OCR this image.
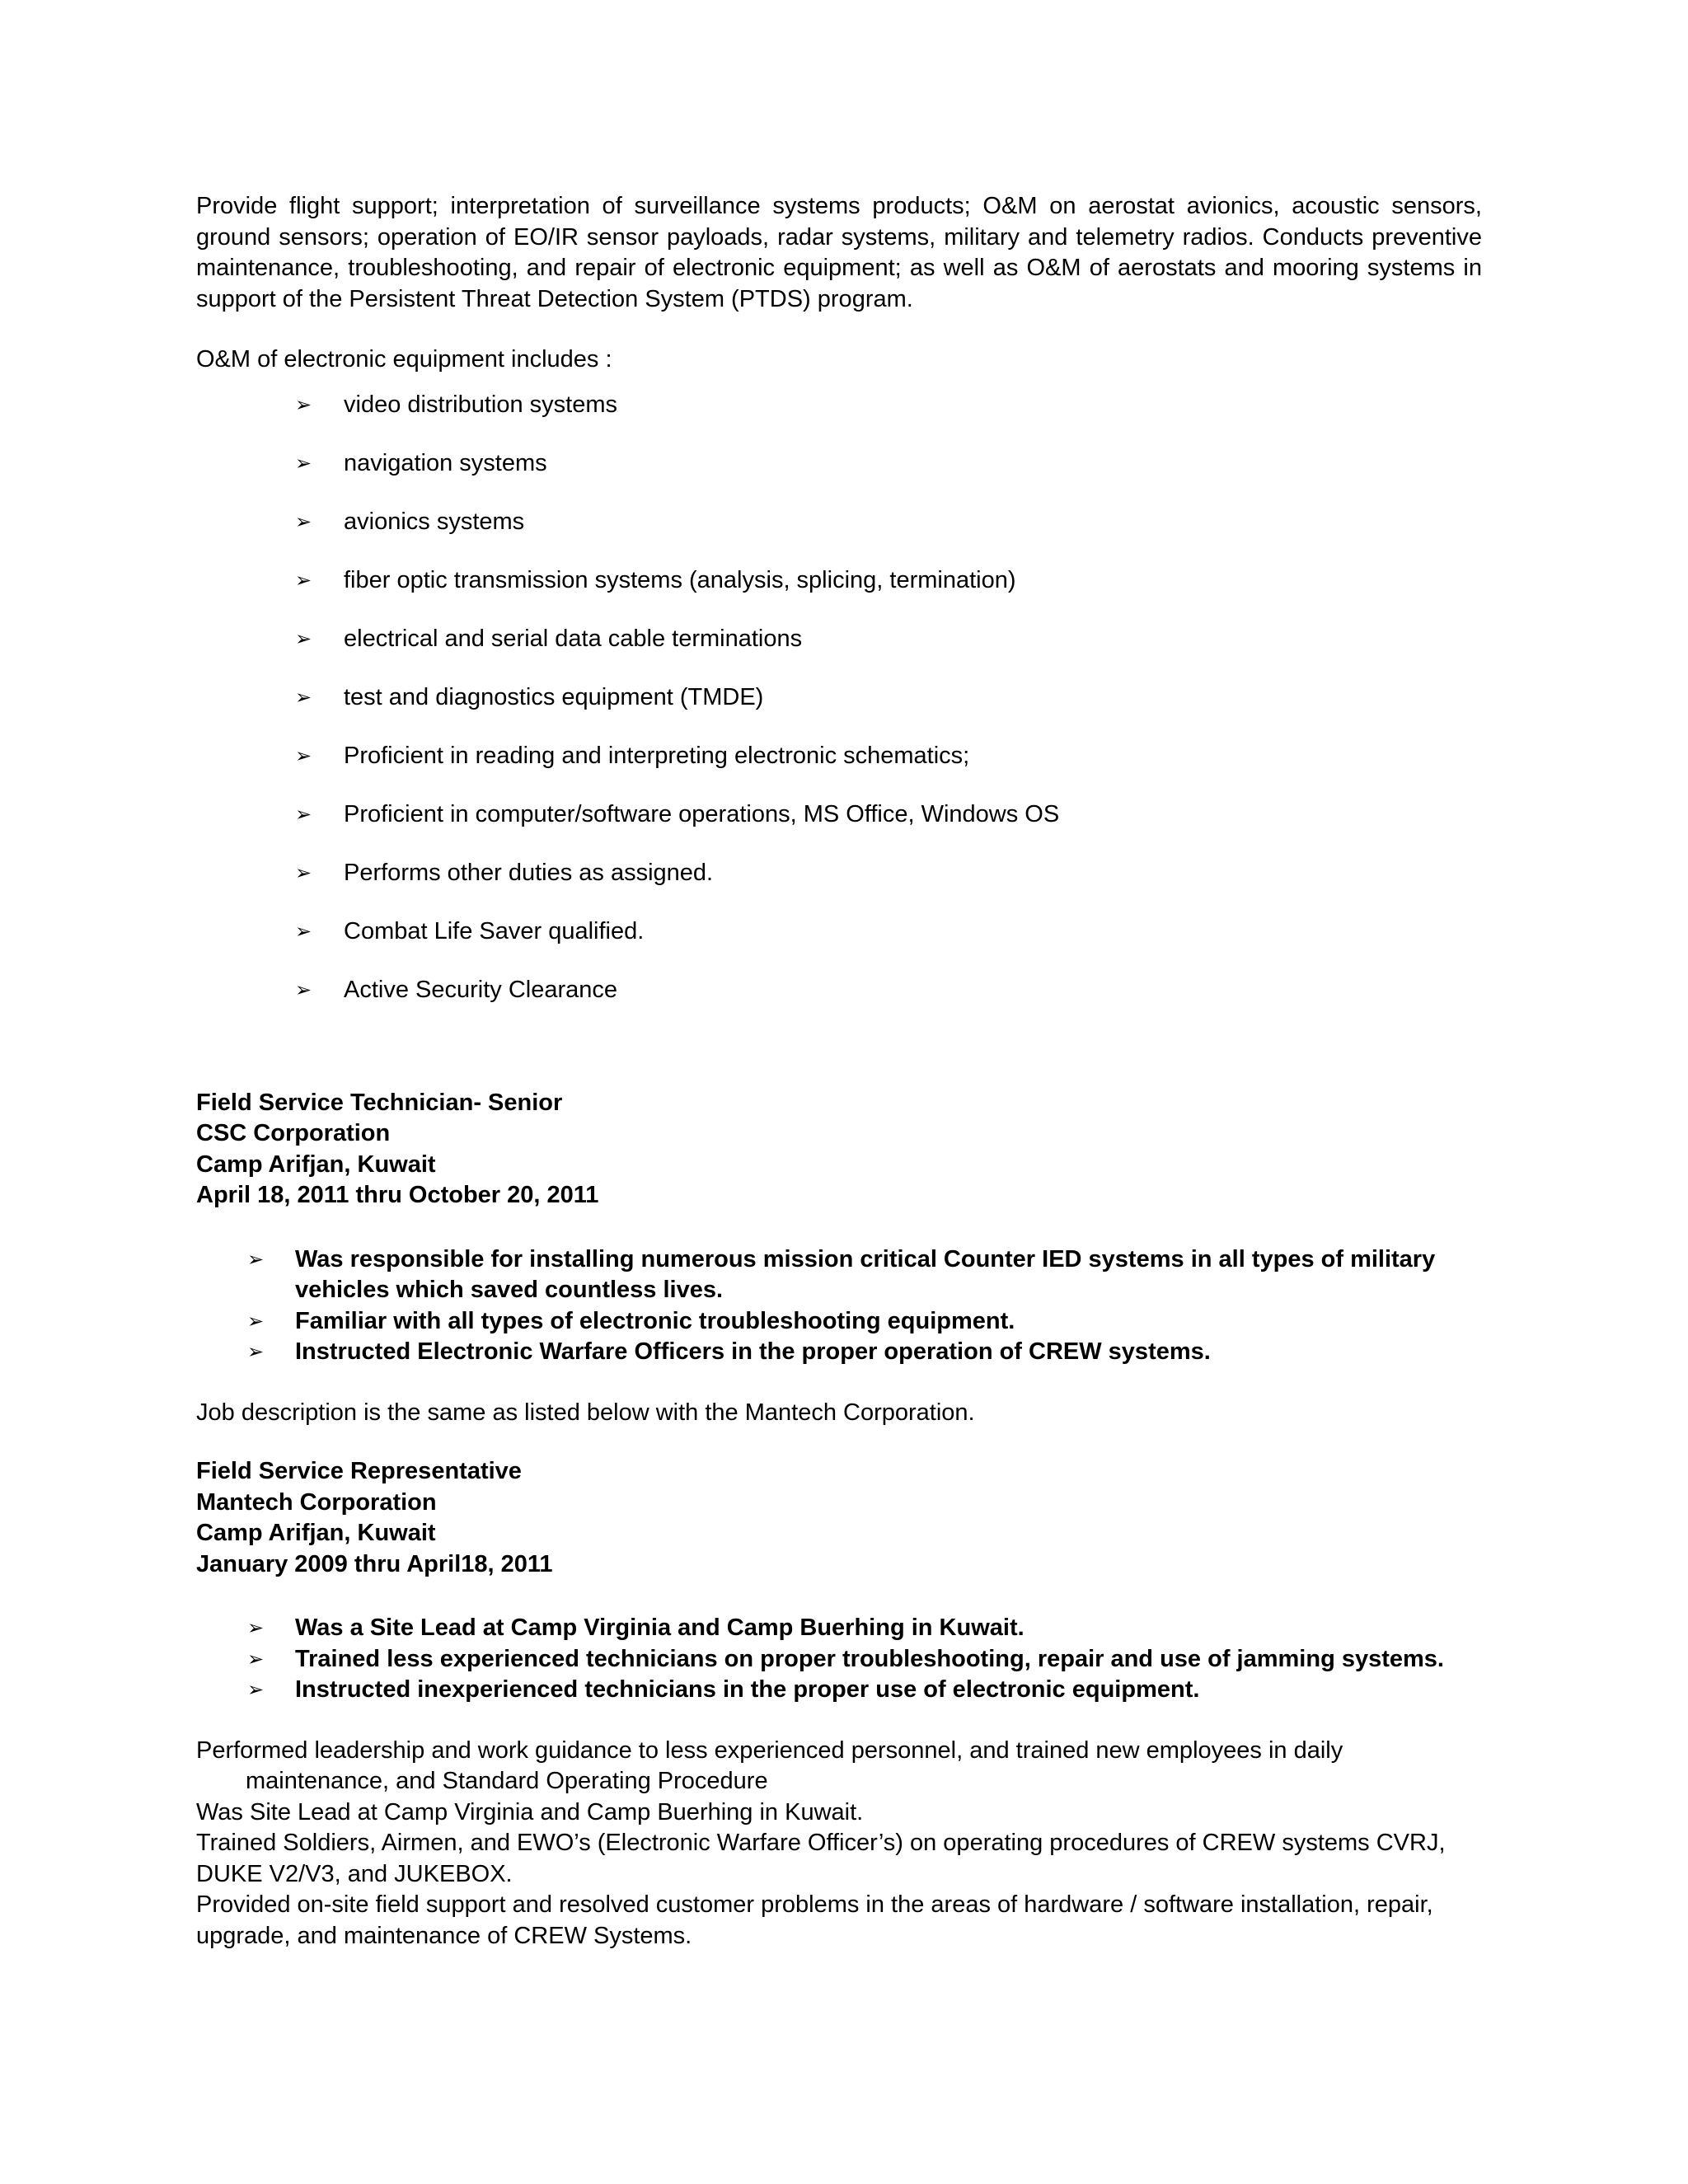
Provide flight support; interpretation of surveillance systems products; O&M on aerostat avionics, acoustic sensors, ground sensors; operation of EO/IR sensor payloads, radar systems, military and telemetry radios. Conducts preventive maintenance, troubleshooting, and repair of electronic equipment; as well as O&M of aerostats and mooring systems in support of the Persistent Threat Detection System (PTDS) program.

O&M of electronic equipment includes :

➢ video distribution systems
➢ navigation systems
➢ avionics systems
➢ fiber optic transmission systems (analysis, splicing, termination)
➢ electrical and serial data cable terminations
➢ test and diagnostics equipment (TMDE)
➢ Proficient in reading and interpreting electronic schematics;
➢ Proficient in computer/software operations, MS Office, Windows OS
➢ Performs other duties as assigned.
➢ Combat Life Saver qualified.
➢ Active Security Clearance

Field Service Technician- Senior

CSC Corporation

Camp Arifjan, Kuwait

April 18, 2011 thru October 20, 2011

➢ Was responsible for installing numerous mission critical Counter IED systems in all types of military vehicles which saved countless lives.
➢ Familiar with all types of electronic troubleshooting equipment.
➢ Instructed Electronic Warfare Officers in the proper operation of CREW systems.

Job description is the same as listed below with the Mantech Corporation.

Field Service Representative

Mantech Corporation

Camp Arifjan, Kuwait

January 2009 thru April18, 2011

➢ Was a Site Lead at Camp Virginia and Camp Buerhing in Kuwait.
➢ Trained less experienced technicians on proper troubleshooting, repair and use of jamming systems.
➢ Instructed inexperienced technicians in the proper use of electronic equipment.

Performed leadership and work guidance to less experienced personnel, and trained new employees in daily maintenance, and Standard Operating Procedure

Was Site Lead at Camp Virginia and Camp Buerhing in Kuwait.

Trained Soldiers, Airmen, and EWO’s (Electronic Warfare Officer’s) on operating procedures of CREW systems CVRJ, DUKE V2/V3, and JUKEBOX.

Provided on-site field support and resolved customer problems in the areas of hardware / software installation, repair, upgrade, and maintenance of CREW Systems.
